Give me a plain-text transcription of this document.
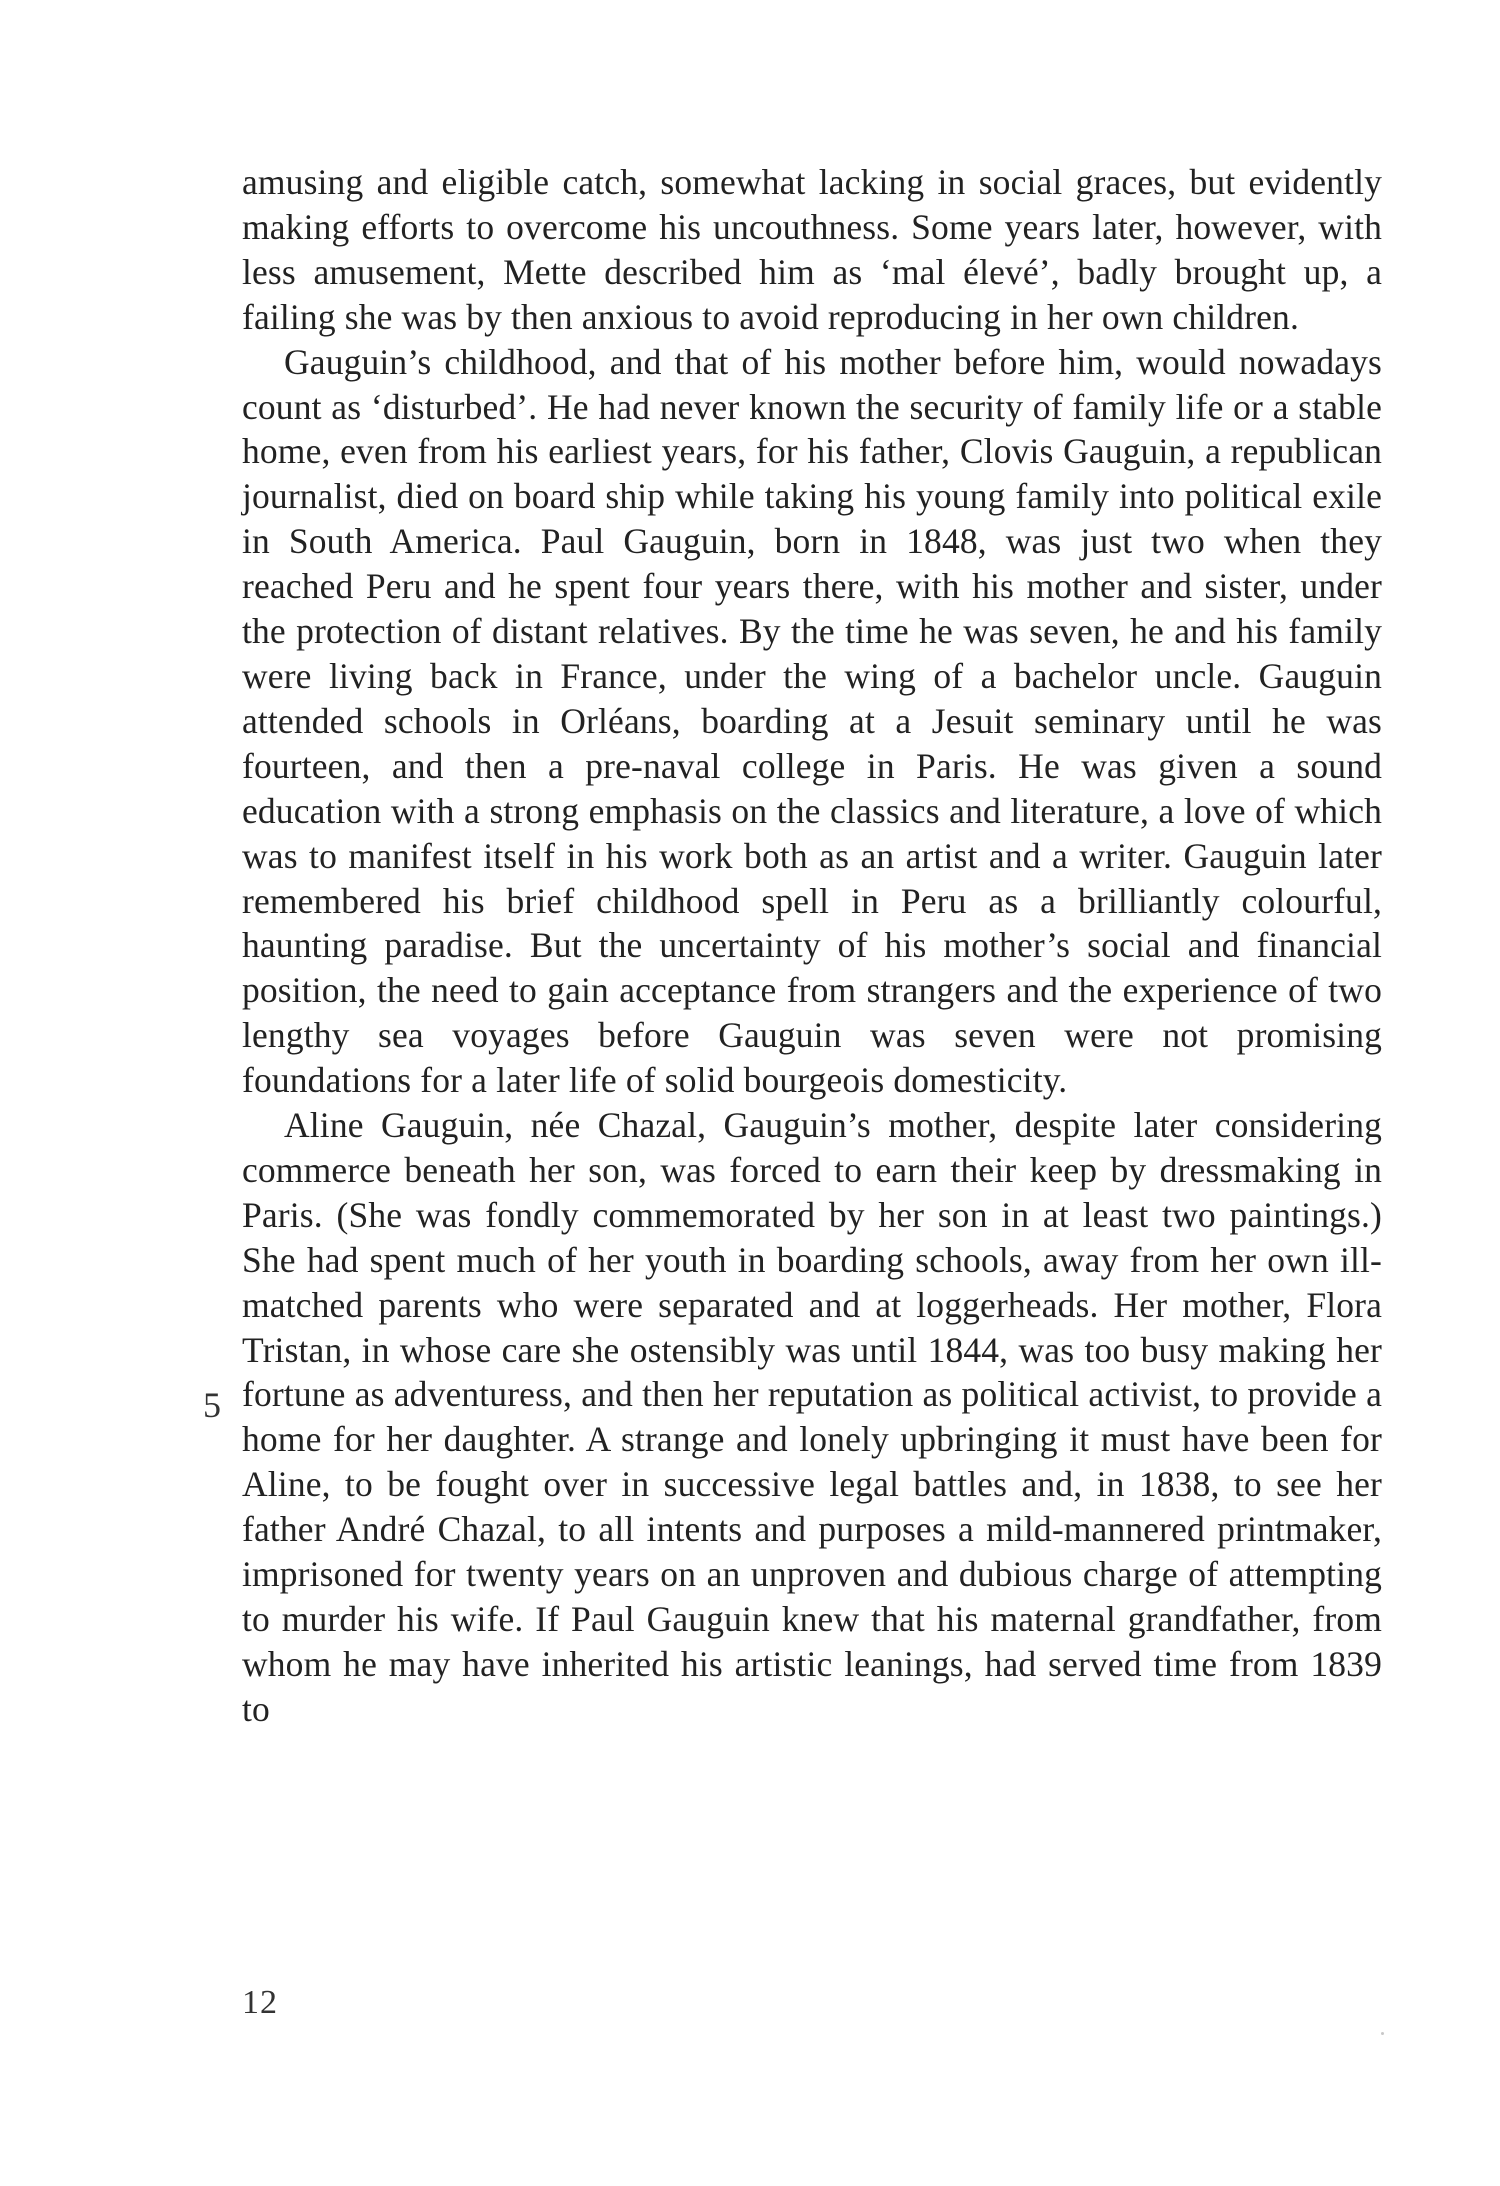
amusing and eligible catch, somewhat lacking in social graces, but evidently making efforts to overcome his uncouthness. Some years later, however, with less amusement, Mette described him as ‘mal élevé’, badly brought up, a failing she was by then anxious to avoid reproducing in her own children.

Gauguin’s childhood, and that of his mother before him, would nowadays count as ‘disturbed’. He had never known the security of family life or a stable home, even from his earliest years, for his father, Clovis Gauguin, a republican journalist, died on board ship while taking his young family into political exile in South America. Paul Gauguin, born in 1848, was just two when they reached Peru and he spent four years there, with his mother and sister, under the protection of distant relatives. By the time he was seven, he and his family were living back in France, under the wing of a bachelor uncle. Gauguin attended schools in Orléans, boarding at a Jesuit seminary until he was fourteen, and then a pre-naval college in Paris. He was given a sound education with a strong emphasis on the classics and literature, a love of which was to manifest itself in his work both as an artist and a writer. Gauguin later remembered his brief childhood spell in Peru as a brilliantly colourful, haunting paradise. But the uncertainty of his mother’s social and financial position, the need to gain acceptance from strangers and the experience of two lengthy sea voyages before Gauguin was seven were not promising foundations for a later life of solid bourgeois domesticity.

Aline Gauguin, née Chazal, Gauguin’s mother, despite later considering commerce beneath her son, was forced to earn their keep by dressmaking in Paris. (She was fondly commemorated by her son in at least two paintings.) She had spent much of her youth in boarding schools, away from her own ill-matched parents who were separated and at loggerheads. Her mother, Flora Tristan, in whose care she ostensibly was until 1844, was too busy making her fortune as adventuress, and then her reputation as political activist, to provide a home for her daughter. A strange and lonely upbringing it must have been for Aline, to be fought over in successive legal battles and, in 1838, to see her father André Chazal, to all intents and purposes a mild-mannered printmaker, imprisoned for twenty years on an unproven and dubious charge of attempting to murder his wife. If Paul Gauguin knew that his maternal grandfather, from whom he may have inherited his artistic leanings, had served time from 1839 to

5
12
